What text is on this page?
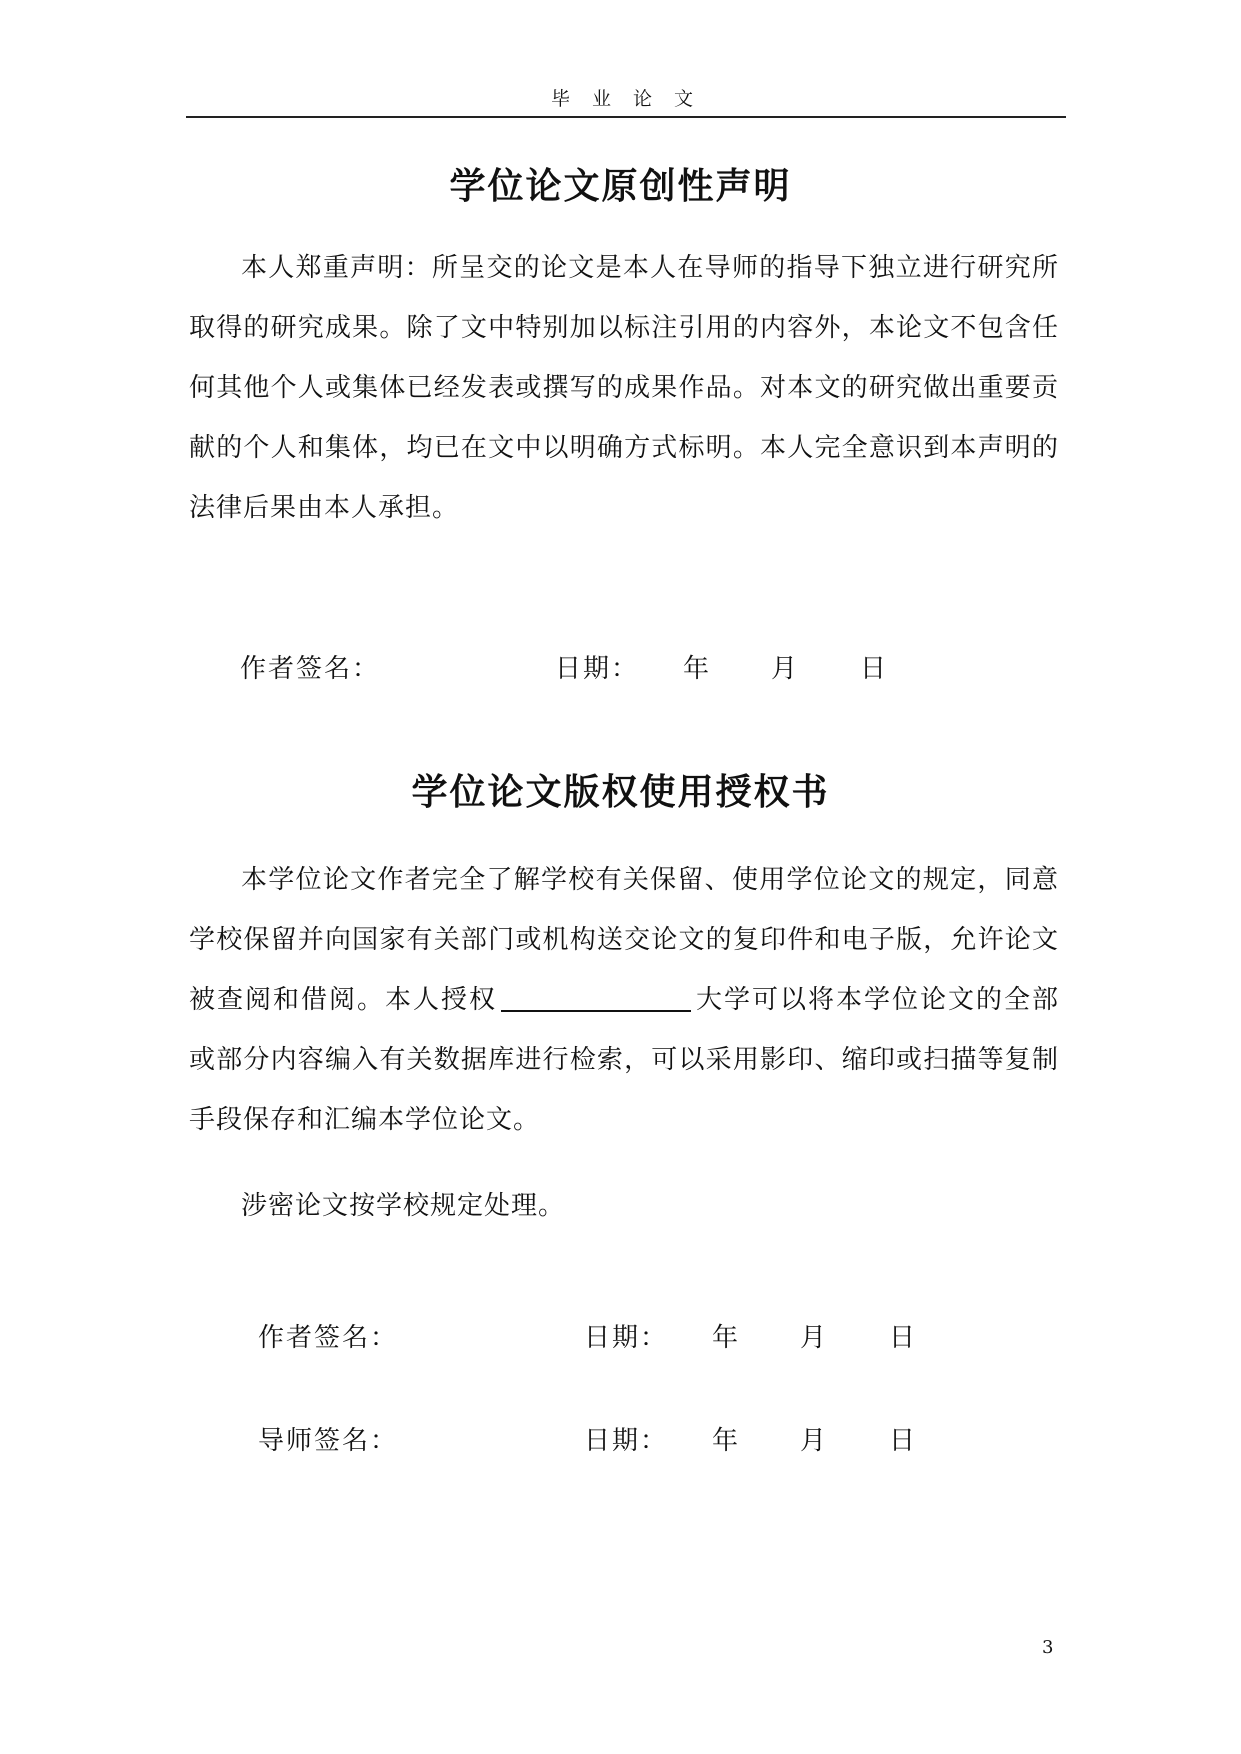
毕 业 论 文
学位论文原创性声明

本人郑重声明：所呈交的论文是本人在导师的指导下独立进行研究所取得的研究成果。除了文中特别加以标注引用的内容外，本论文不包含任何其他个人或集体已经发表或撰写的成果作品。对本文的研究做出重要贡献的个人和集体，均已在文中以明确方式标明。本人完全意识到本声明的法律后果由本人承担。

作者签名：	日期： 年 月 日
学位论文版权使用授权书

本学位论文作者完全了解学校有关保留、使用学位论文的规定，同意学校保留并向国家有关部门或机构送交论文的复印件和电子版，允许论文被查阅和借阅。本人授权	大学可以将本学位论文的全部或部分内容编入有关数据库进行检索，可以采用影印、缩印或扫描等复制手段保存和汇编本学位论文。

涉密论文按学校规定处理。

作者签名：	日期： 年 月 日
导师签名：	日期： 年 月 日
3
